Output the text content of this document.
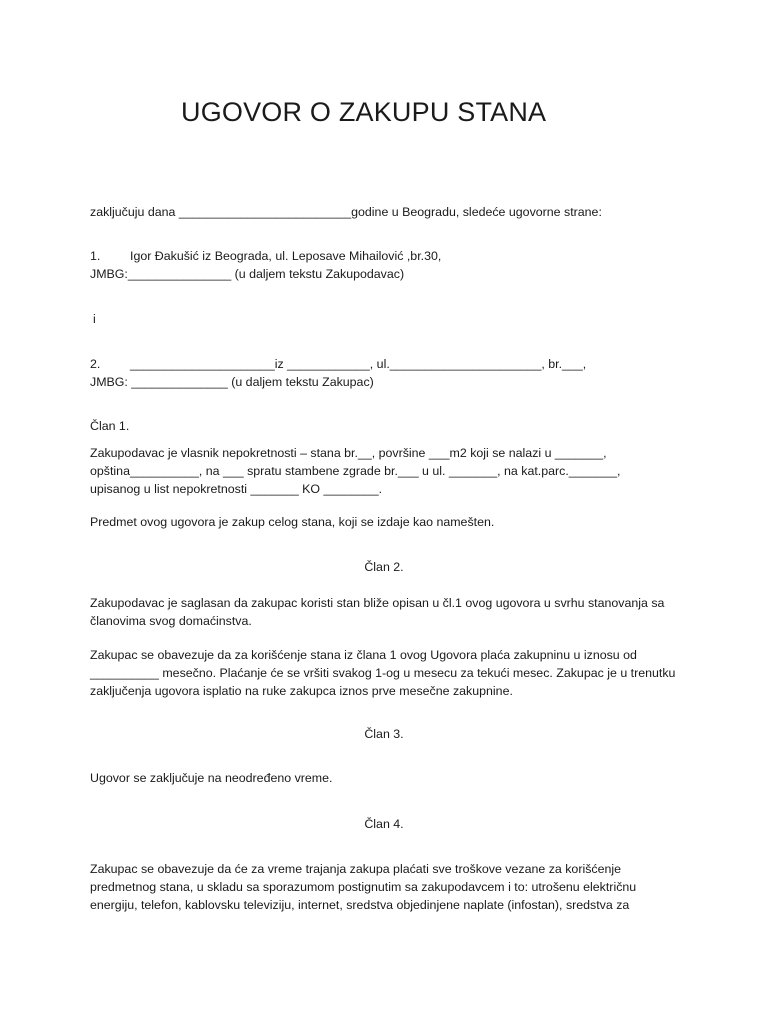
UGOVOR O ZAKUPU STANA
zaključuju dana _________________________godine u Beogradu, sledeće ugovorne strane:
1. Igor Đakušić iz Beograda, ul. Leposave Mihailović ,br.30,
JMBG:_______________ (u daljem tekstu Zakupodavac)
i
2. _____________________iz ____________, ul.______________________, br.___,
JMBG: ______________ (u daljem tekstu Zakupac)
Član 1.
Zakupodavac je vlasnik nepokretnosti – stana br.__, površine ___m2 koji se nalazi u _______,
opština__________, na ___ spratu stambene zgrade br.___ u ul. _______, na kat.parc._______,
upisanog u list nepokretnosti _______ KO ________.
Predmet ovog ugovora je zakup celog stana, koji se izdaje kao namešten.
Član 2.
Zakupodavac je saglasan da zakupac koristi stan bliže opisan u čl.1 ovog ugovora u svrhu stanovanja sa
članovima svog domaćinstva.
Zakupac se obavezuje da za korišćenje stana iz člana 1 ovog Ugovora plaća zakupninu u iznosu od
__________ mesečno. Plaćanje će se vršiti svakog 1-og u mesecu za tekući mesec. Zakupac je u trenutku
zaključenja ugovora isplatio na ruke zakupca iznos prve mesečne zakupnine.
Član 3.
Ugovor se zaključuje na neodređeno vreme.
Član 4.
Zakupac se obavezuje da će za vreme trajanja zakupa plaćati sve troškove vezane za korišćenje
predmetnog stana, u skladu sa sporazumom postignutim sa zakupodavcem i to: utrošenu električnu
energiju, telefon, kablovsku televiziju, internet, sredstva objedinjene naplate (infostan), sredstva za
